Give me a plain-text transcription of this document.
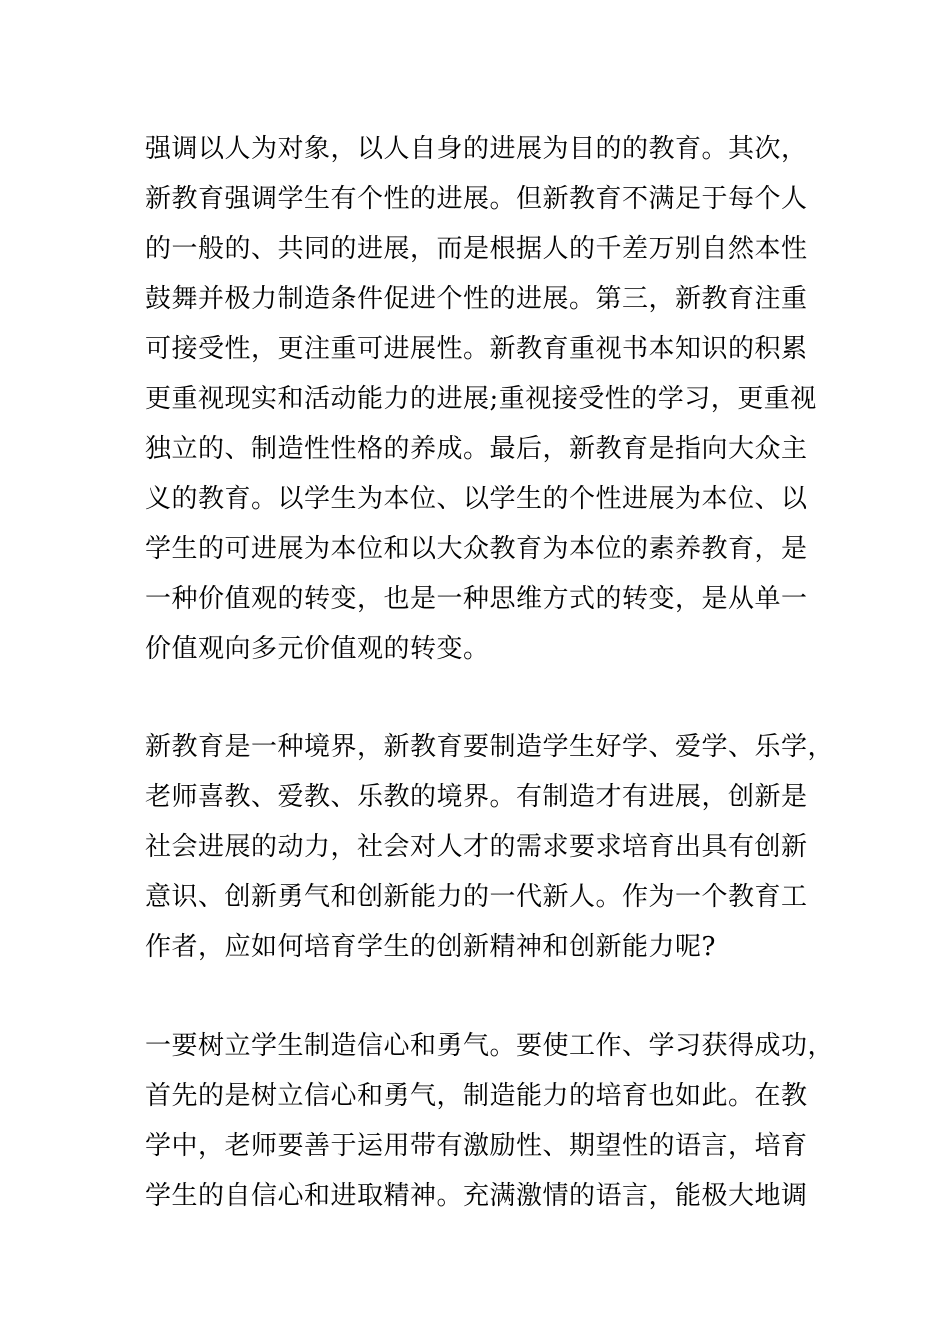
强调以人为对象，以人自身的进展为目的的教育。其次，
新教育强调学生有个性的进展。但新教育不满足于每个人
的一般的、共同的进展，而是根据人的千差万别自然本性
鼓舞并极力制造条件促进个性的进展。第三，新教育注重
可接受性，更注重可进展性。新教育重视书本知识的积累
更重视现实和活动能力的进展;重视接受性的学习，更重视
独立的、制造性性格的养成。最后，新教育是指向大众主
义的教育。以学生为本位、以学生的个性进展为本位、以
学生的可进展为本位和以大众教育为本位的素养教育，是
一种价值观的转变，也是一种思维方式的转变，是从单一
价值观向多元价值观的转变。
新教育是一种境界，新教育要制造学生好学、爱学、乐学，
老师喜教、爱教、乐教的境界。有制造才有进展，创新是
社会进展的动力，社会对人才的需求要求培育出具有创新
意识、创新勇气和创新能力的一代新人。作为一个教育工
作者，应如何培育学生的创新精神和创新能力呢?
一要树立学生制造信心和勇气。要使工作、学习获得成功，
首先的是树立信心和勇气，制造能力的培育也如此。在教
学中，老师要善于运用带有激励性、期望性的语言，培育
学生的自信心和进取精神。充满激情的语言，能极大地调
